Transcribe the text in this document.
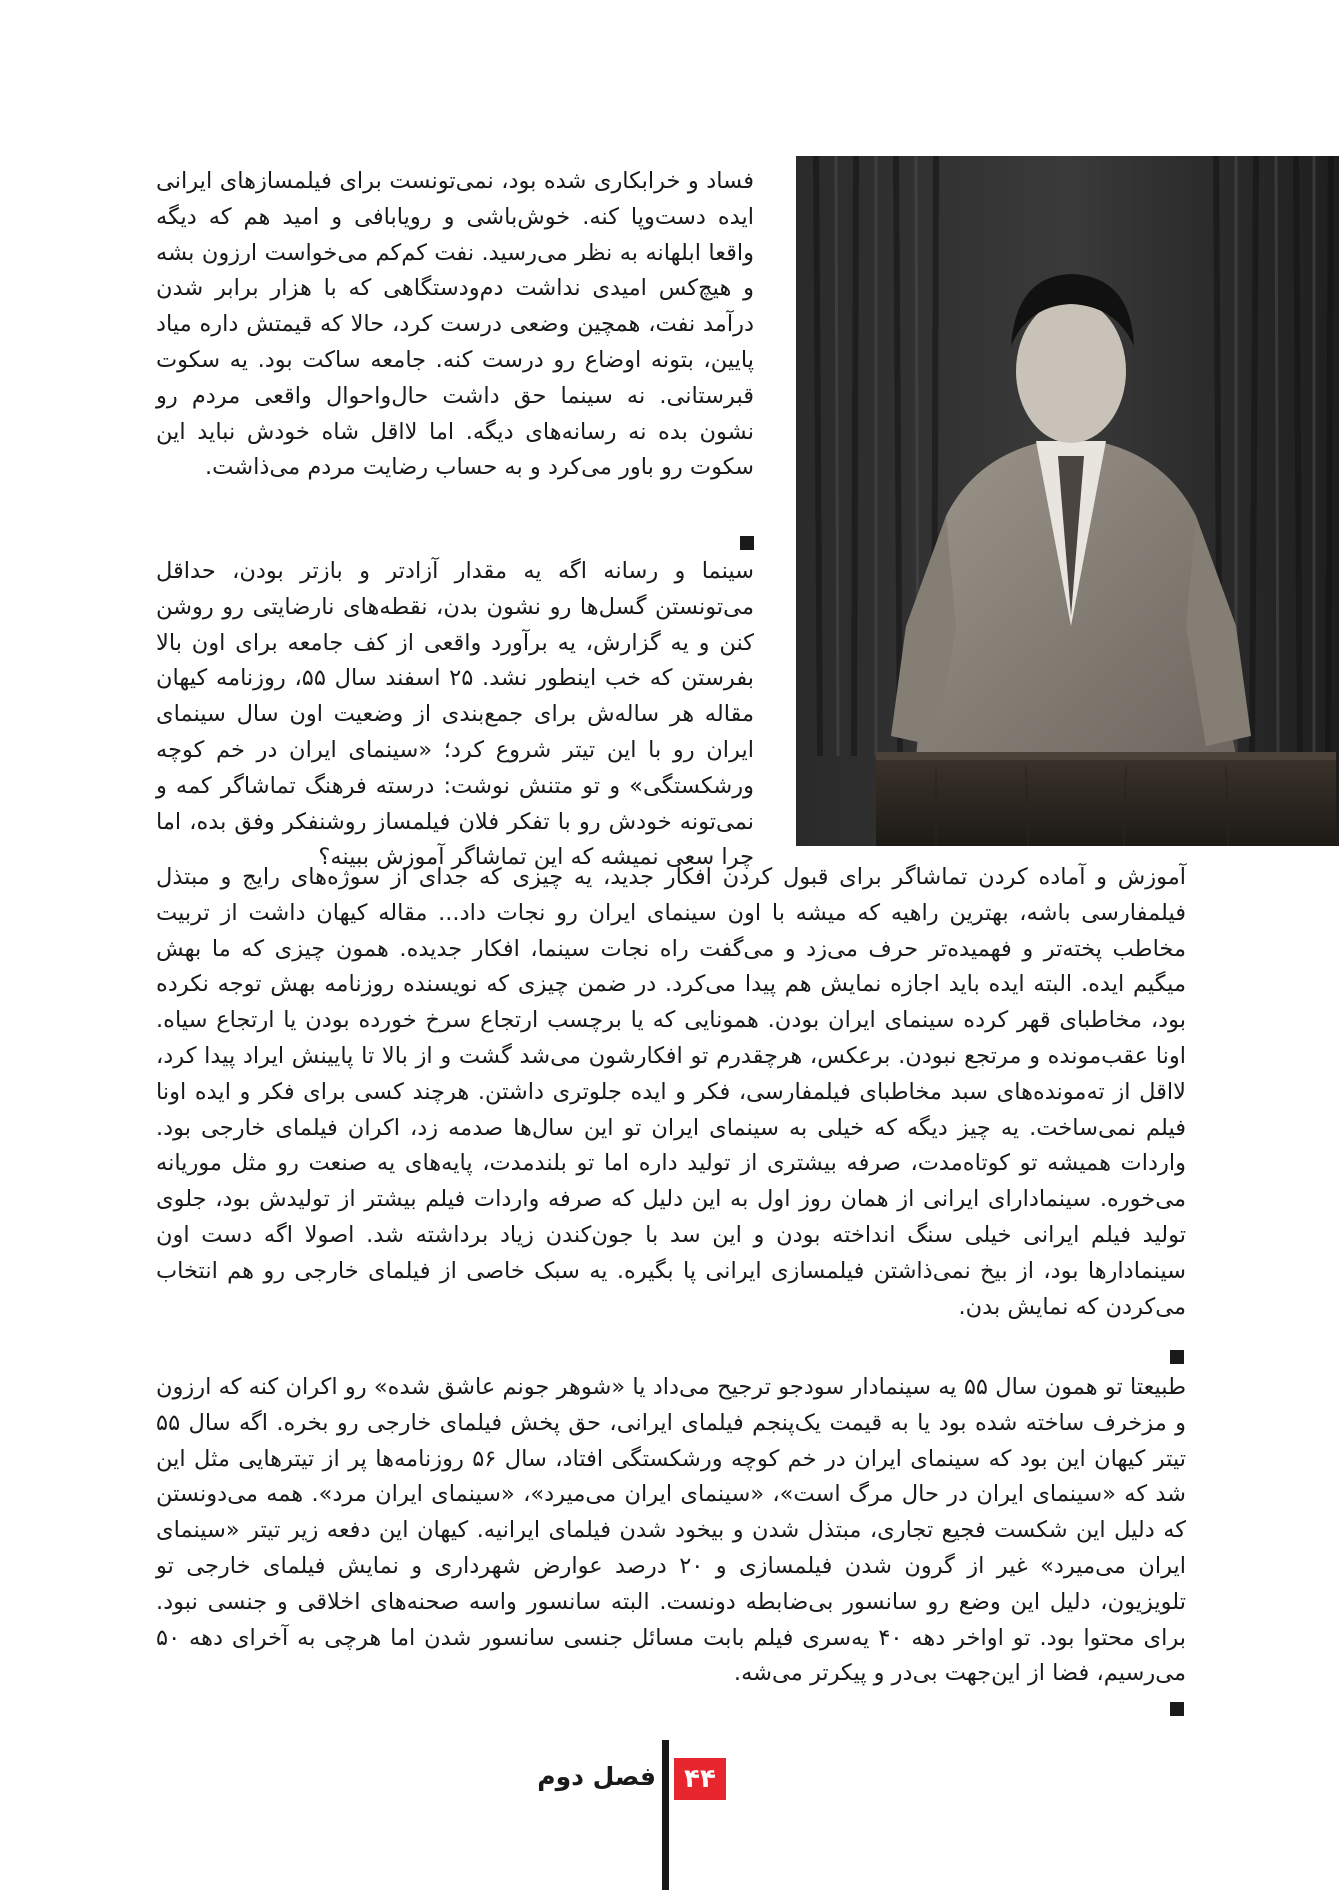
فساد و خرابکاری شده بود، نمی‌تونست برای فیلمسازهای ایرانی ایده دست‌وپا کنه. خوش‌باشی و رویابافی و امید هم که دیگه واقعا ابلهانه به نظر می‌رسید. نفت کم‌کم می‌خواست ارزون بشه و هیچ‌کس امیدی نداشت دم‌ودستگاهی که با هزار برابر شدن درآمد نفت، همچین وضعی درست کرد، حالا که قیمتش داره میاد پایین، بتونه اوضاع رو درست کنه. جامعه ساکت بود. یه سکوت قبرستانی. نه سینما حق داشت حال‌واحوال واقعی مردم رو نشون بده نه رسانه‌های دیگه. اما لااقل شاه خودش نباید این سکوت رو باور می‌کرد و به حساب رضایت مردم می‌ذاشت.

سینما و رسانه اگه یه مقدار آزادتر و بازتر بودن، حداقل می‌تونستن گسل‌ها رو نشون بدن، نقطه‌های نارضایتی رو روشن کنن و یه گزارش، یه برآورد واقعی از کف جامعه برای اون بالا بفرستن که خب اینطور نشد. ۲۵ اسفند سال ۵۵، روزنامه کیهان مقاله هر ساله‌ش برای جمع‌بندی از وضعیت اون سال سینمای ایران رو با این تیتر شروع کرد؛ «سینمای ایران در خم کوچه ورشکستگی» و تو متنش نوشت: درسته فرهنگ تماشاگر کمه و نمی‌تونه خودش رو با تفکر فلان فیلمساز روشنفکر وفق بده، اما چرا سعی نمیشه که این تماشاگر آموزش ببینه؟

آموزش و آماده کردن تماشاگر برای قبول کردن افکار جدید، یه چیزی که جدای از سوژه‌های رایج و مبتذل فیلمفارسی باشه، بهترین راهیه که میشه با اون سینمای ایران رو نجات داد... مقاله کیهان داشت از تربیت مخاطب پخته‌تر و فهمیده‌تر حرف می‌زد و می‌گفت راه نجات سینما، افکار جدیده. همون چیزی که ما بهش میگیم ایده. البته ایده باید اجازه نمایش هم پیدا می‌کرد. در ضمن چیزی که نویسنده روزنامه بهش توجه نکرده بود، مخاطبای قهر کرده سینمای ایران بودن. همونایی که یا برچسب ارتجاع سرخ خورده بودن یا ارتجاع سیاه. اونا عقب‌مونده و مرتجع نبودن. برعکس، هرچقدرم تو افکارشون می‌شد گشت و از بالا تا پایینش ایراد پیدا کرد، لااقل از ته‌مونده‌های سبد مخاطبای فیلمفارسی، فکر و ایده جلوتری داشتن. هرچند کسی برای فکر و ایده اونا فیلم نمی‌ساخت. یه چیز دیگه که خیلی به سینمای ایران تو این سال‌ها صدمه زد، اکران فیلمای خارجی بود. واردات همیشه تو کوتاه‌مدت، صرفه بیشتری از تولید داره اما تو بلندمدت، پایه‌های یه صنعت رو مثل موریانه می‌خوره. سینمادارای ایرانی از همان روز اول به این دلیل که صرفه واردات فیلم بیشتر از تولیدش بود، جلوی تولید فیلم ایرانی خیلی سنگ انداخته بودن و این سد با جون‌کندن زیاد برداشته شد. اصولا اگه دست اون سینمادارها بود، از بیخ نمی‌ذاشتن فیلمسازی ایرانی پا بگیره. یه سبک خاصی از فیلمای خارجی رو هم انتخاب می‌کردن که نمایش بدن.

طبیعتا تو همون سال ۵۵ یه سینمادار سودجو ترجیح می‌داد یا «شوهر جونم عاشق شده» رو اکران کنه که ارزون و مزخرف ساخته شده بود یا به قیمت یک‌پنجم فیلمای ایرانی، حق پخش فیلمای خارجی رو بخره. اگه سال ۵۵ تیتر کیهان این بود که سینمای ایران در خم کوچه ورشکستگی افتاد، سال ۵۶ روزنامه‌ها پر از تیترهایی مثل این شد که «سینمای ایران در حال مرگ است»، «سینمای ایران می‌میرد»، «سینمای ایران مرد». همه می‌دونستن که دلیل این شکست فجیع تجاری، مبتذل شدن و بیخود شدن فیلمای ایرانیه. کیهان این دفعه زیر تیتر «سینمای ایران می‌میرد» غیر از گرون شدن فیلمسازی و ۲۰ درصد عوارض شهرداری و نمایش فیلمای خارجی تو تلویزیون، دلیل این وضع رو سانسور بی‌ضابطه دونست. البته سانسور واسه صحنه‌های اخلاقی و جنسی نبود. برای محتوا بود. تو اواخر دهه ۴۰ یه‌سری فیلم بابت مسائل جنسی سانسور شدن اما هرچی به آخرای دهه ۵۰ می‌رسیم، فضا از این‌جهت بی‌در و پیکرتر می‌شه.

۴۴
فصل دوم
